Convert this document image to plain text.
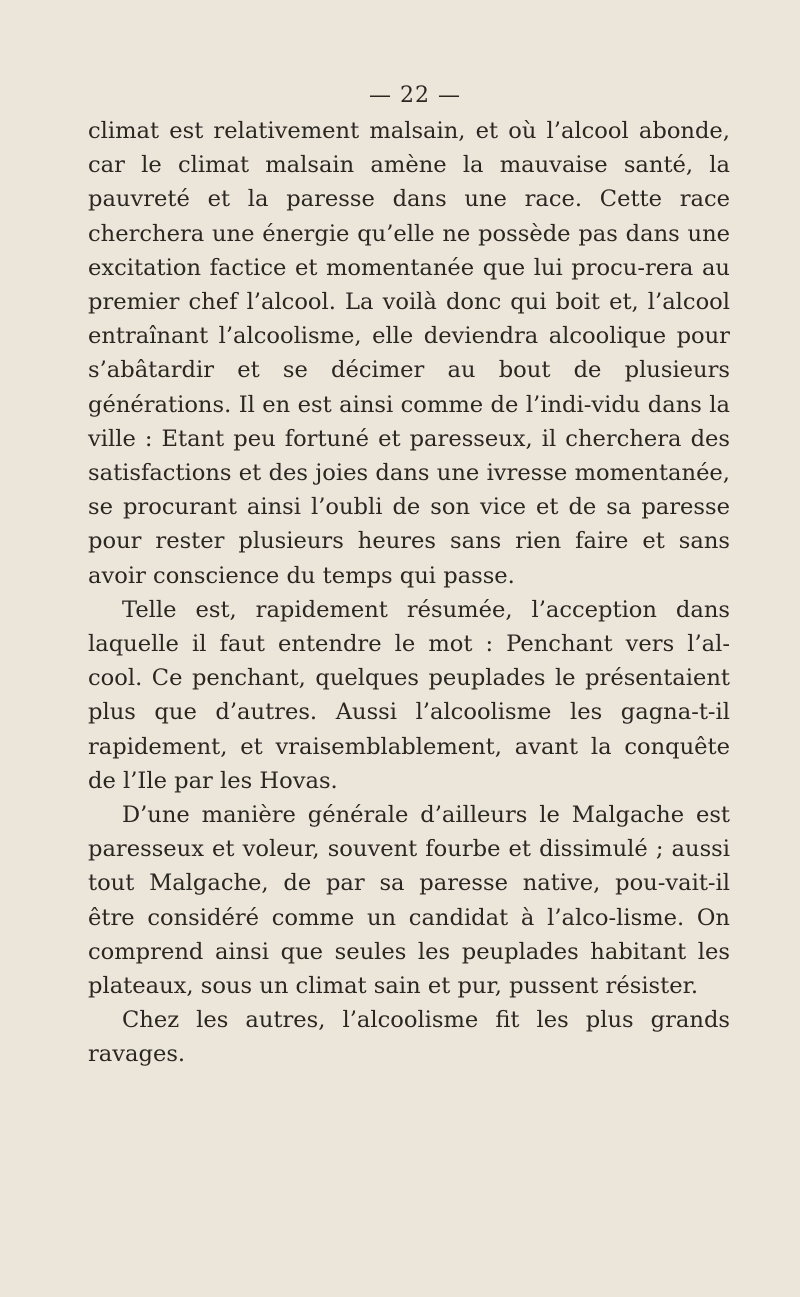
— 22 —

climat est relativement malsain, et où l’alcool abonde, car le climat malsain amène la mauvaise santé, la pauvreté et la paresse dans une race. Cette race cherchera une énergie qu’elle ne possède pas dans une excitation factice et momentanée que lui procu-rera au premier chef l’alcool. La voilà donc qui boit et, l’alcool entraînant l’alcoolisme, elle deviendra alcoolique pour s’abâtardir et se décimer au bout de plusieurs générations. Il en est ainsi comme de l’indi-vidu dans la ville : Etant peu fortuné et paresseux, il cherchera des satisfactions et des joies dans une ivresse momentanée, se procurant ainsi l’oubli de son vice et de sa paresse pour rester plusieurs heures sans rien faire et sans avoir conscience du temps qui passe.

Telle est, rapidement résumée, l’acception dans laquelle il faut entendre le mot : Penchant vers l’al-cool. Ce penchant, quelques peuplades le présentaient plus que d’autres. Aussi l’alcoolisme les gagna-t-il rapidement, et vraisemblablement, avant la conquête de l’Ile par les Hovas.

D’une manière générale d’ailleurs le Malgache est paresseux et voleur, souvent fourbe et dissimulé ; aussi tout Malgache, de par sa paresse native, pou-vait-il être considéré comme un candidat à l’alco-lisme. On comprend ainsi que seules les peuplades habitant les plateaux, sous un climat sain et pur, pussent résister.

Chez les autres, l’alcoolisme fit les plus grands ravages.
